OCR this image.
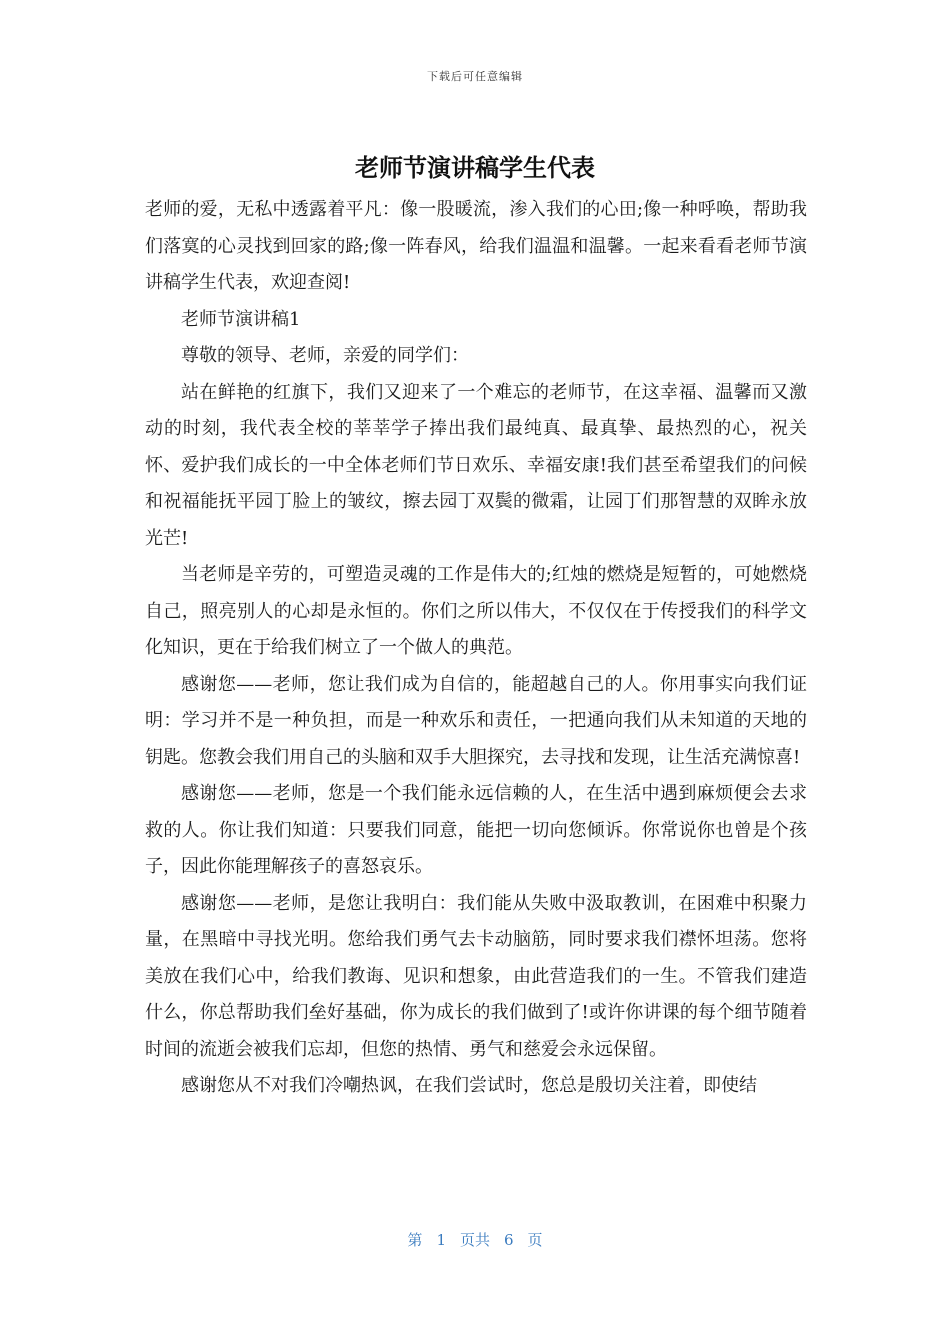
下载后可任意编辑
老师节演讲稿学生代表

老师的爱，无私中透露着平凡：像一股暖流，渗入我们的心田;像一种呼唤，帮助我们落寞的心灵找到回家的路;像一阵春风，给我们温温和温馨。一起来看看老师节演讲稿学生代表，欢迎查阅!

老师节演讲稿1

尊敬的领导、老师，亲爱的同学们：

站在鲜艳的红旗下，我们又迎来了一个难忘的老师节，在这幸福、温馨而又激动的时刻，我代表全校的莘莘学子捧出我们最纯真、最真挚、最热烈的心，祝关怀、爱护我们成长的一中全体老师们节日欢乐、幸福安康!我们甚至希望我们的问候和祝福能抚平园丁脸上的皱纹，擦去园丁双鬓的微霜，让园丁们那智慧的双眸永放光芒!

当老师是辛劳的，可塑造灵魂的工作是伟大的;红烛的燃烧是短暂的，可她燃烧自己，照亮别人的心却是永恒的。你们之所以伟大，不仅仅在于传授我们的科学文化知识，更在于给我们树立了一个做人的典范。

感谢您——老师，您让我们成为自信的，能超越自己的人。你用事实向我们证明：学习并不是一种负担，而是一种欢乐和责任，一把通向我们从未知道的天地的钥匙。您教会我们用自己的头脑和双手大胆探究，去寻找和发现，让生活充满惊喜!

感谢您——老师，您是一个我们能永远信赖的人，在生活中遇到麻烦便会去求救的人。你让我们知道：只要我们同意，能把一切向您倾诉。你常说你也曾是个孩子，因此你能理解孩子的喜怒哀乐。

感谢您——老师，是您让我明白：我们能从失败中汲取教训，在困难中积聚力量，在黑暗中寻找光明。您给我们勇气去卡动脑筋，同时要求我们襟怀坦荡。您将美放在我们心中，给我们教诲、见识和想象，由此营造我们的一生。不管我们建造什么，你总帮助我们垒好基础，你为成长的我们做到了!或许你讲课的每个细节随着时间的流逝会被我们忘却，但您的热情、勇气和慈爱会永远保留。

感谢您从不对我们冷嘲热讽，在我们尝试时，您总是殷切关注着，即使结

第 1 页共 6 页
